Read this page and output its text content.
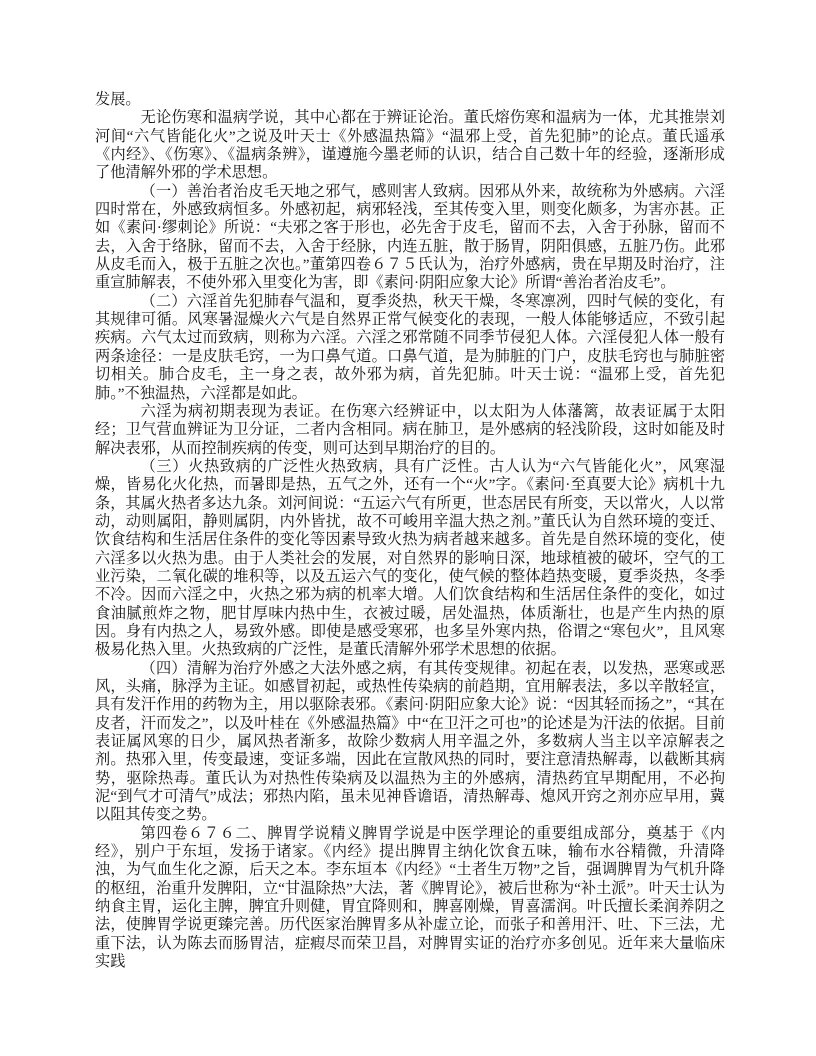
发展。

无论伤寒和温病学说，其中心都在于辨证论治。董氏熔伤寒和温病为一体，尤其推崇刘河间“六气皆能化火”之说及叶天士《外感温热篇》“温邪上受，首先犯肺”的论点。董氏遥承《内经》、《伤寒》、《温病条辨》，谨遵施今墨老师的认识，结合自己数十年的经验，逐渐形成了他清解外邪的学术思想。

（一）善治者治皮毛天地之邪气，感则害人致病。因邪从外来，故统称为外感病。六淫四时常在，外感致病恒多。外感初起，病邪轻浅，至其传变入里，则变化颇多，为害亦甚。正如《素问·缪刺论》所说：“夫邪之客于形也，必先舍于皮毛，留而不去，入舍于孙脉，留而不去，入舍于络脉，留而不去，入舍于经脉，内连五脏，散于肠胃，阴阳俱感，五脏乃伤。此邪从皮毛而入，极于五脏之次也。”董第四卷６７５氏认为，治疗外感病，贵在早期及时治疗，注重宣肺解表，不使外邪入里变化为害，即《素问·阴阳应象大论》所谓“善治者治皮毛”。

（二）六淫首先犯肺春气温和，夏季炎热，秋天干燥，冬寒凛冽，四时气候的变化，有其规律可循。风寒暑湿燥火六气是自然界正常气候变化的表现，一般人体能够适应，不致引起疾病。六气太过而致病，则称为六淫。六淫之邪常随不同季节侵犯人体。六淫侵犯人体一般有两条途径：一是皮肤毛窍，一为口鼻气道。口鼻气道，是为肺脏的门户，皮肤毛窍也与肺脏密切相关。肺合皮毛，主一身之表，故外邪为病，首先犯肺。叶天士说：“温邪上受，首先犯肺。”不独温热，六淫都是如此。

六淫为病初期表现为表证。在伤寒六经辨证中，以太阳为人体藩篱，故表证属于太阳经；卫气营血辨证为卫分证，二者内含相同。病在肺卫，是外感病的轻浅阶段，这时如能及时解决表邪，从而控制疾病的传变，则可达到早期治疗的目的。

（三）火热致病的广泛性火热致病，具有广泛性。古人认为“六气皆能化火”，风寒湿燥，皆易化火化热，而暑即是热，五气之外，还有一个“火”字。《素问·至真要大论》病机十九条，其属火热者多达九条。刘河间说：“五运六气有所更，世态居民有所变，天以常火，人以常动，动则属阳，静则属阴，内外皆扰，故不可峻用辛温大热之剂。”董氏认为自然环境的变迁、饮食结构和生活居住条件的变化等因素导致火热为病者越来越多。首先是自然环境的变化，使六淫多以火热为患。由于人类社会的发展，对自然界的影响日深，地球植被的破坏，空气的工业污染，二氧化碳的堆积等，以及五运六气的变化，使气候的整体趋热变暖，夏季炎热，冬季不冷。因而六淫之中，火热之邪为病的机率大增。人们饮食结构和生活居住条件的变化，如过食油腻煎炸之物，肥甘厚味内热中生，衣被过暖，居处温热，体质渐壮，也是产生内热的原因。身有内热之人，易致外感。即使是感受寒邪，也多呈外寒内热，俗谓之“寒包火”，且风寒极易化热入里。火热致病的广泛性，是董氏清解外邪学术思想的依据。

（四）清解为治疗外感之大法外感之病，有其传变规律。初起在表，以发热，恶寒或恶风，头痛，脉浮为主证。如感冒初起，或热性传染病的前趋期，宜用解表法，多以辛散轻宣，具有发汗作用的药物为主，用以驱除表邪。《素问·阴阳应象大论》说：“因其轻而扬之”，“其在皮者，汗而发之”，以及叶桂在《外感温热篇》中“在卫汗之可也”的论述是为汗法的依据。目前表证属风寒的日少，属风热者渐多，故除少数病人用辛温之外，多数病人当主以辛凉解表之剂。热邪入里，传变最速，变证多端，因此在宣散风热的同时，要注意清热解毒，以截断其病势，驱除热毒。董氏认为对热性传染病及以温热为主的外感病，清热药宜早期配用，不必拘泥“到气才可清气”成法；邪热内陷，虽未见神昏谵语，清热解毒、熄风开窍之剂亦应早用，冀以阻其传变之势。

第四卷６７６二、脾胃学说精义脾胃学说是中医学理论的重要组成部分，奠基于《内经》，别户于东垣，发扬于诸家。《内经》提出脾胃主纳化饮食五味，输布水谷精微，升清降浊，为气血生化之源，后天之本。李东垣本《内经》“土者生万物”之旨，强调脾胃为气机升降的枢纽，治重升发脾阳，立“甘温除热”大法，著《脾胃论》，被后世称为“补土派”。叶天士认为纳食主胃，运化主脾，脾宜升则健，胃宜降则和，脾喜刚燥，胃喜濡润。叶氏擅长柔润养阴之法，使脾胃学说更臻完善。历代医家治脾胃多从补虚立论，而张子和善用汗、吐、下三法，尤重下法，认为陈去而肠胃洁，症瘕尽而荣卫昌，对脾胃实证的治疗亦多创见。近年来大量临床实践
